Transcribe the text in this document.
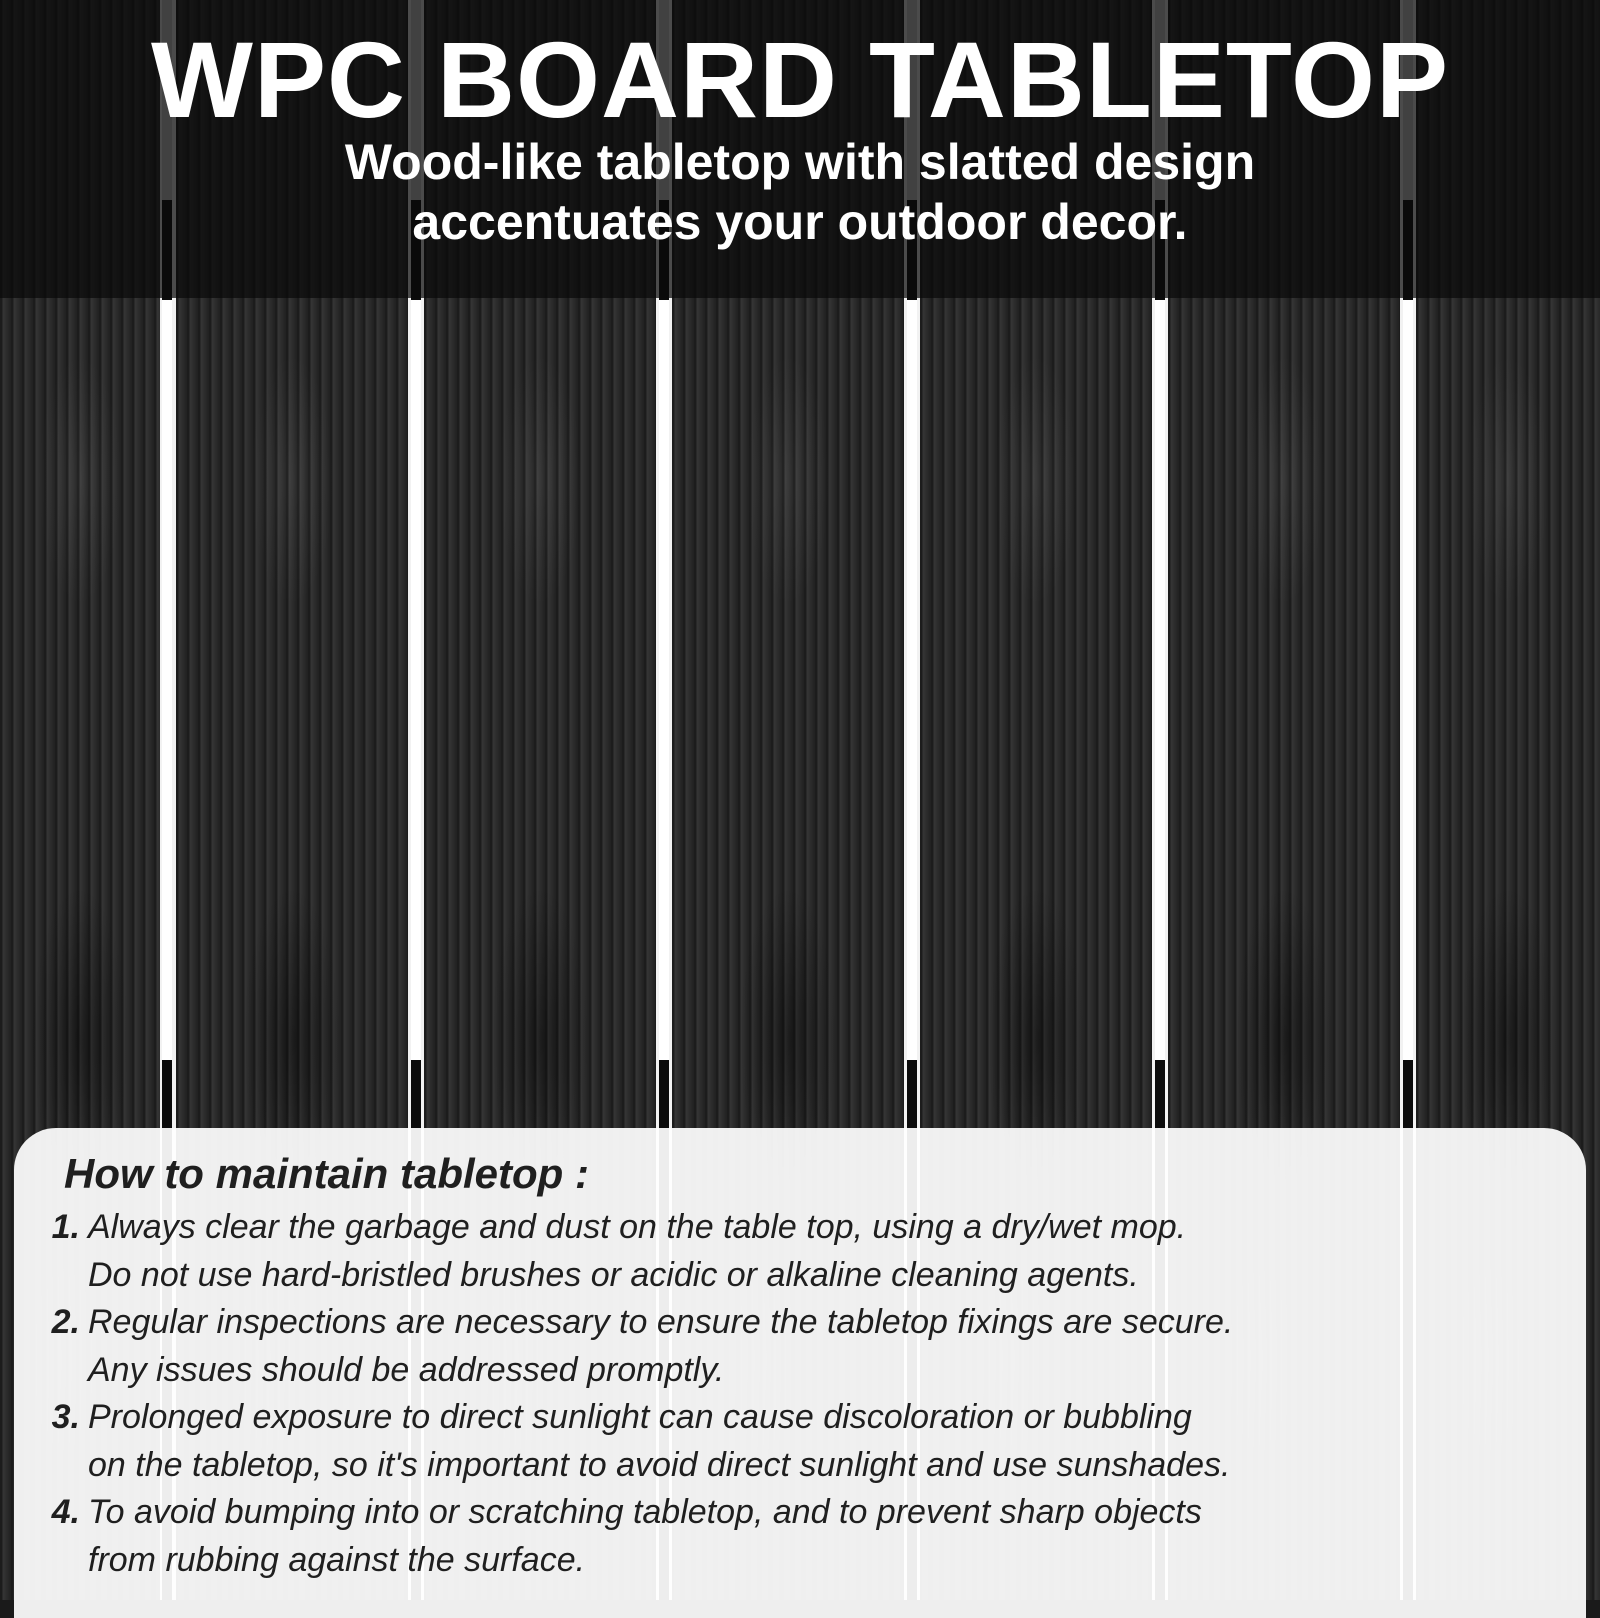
WPC BOARD TABLETOP
Wood-like tabletop with slatted design
accentuates your outdoor decor.
How to maintain tabletop :
1. Always clear the garbage and dust on the table top, using a dry/wet mop.
Do not use hard-bristled brushes or acidic or alkaline cleaning agents.
2. Regular inspections are necessary to ensure the tabletop fixings are secure.
Any issues should be addressed promptly.
3. Prolonged exposure to direct sunlight can cause discoloration or bubbling
on the tabletop, so it's important to avoid direct sunlight and use sunshades.
4. To avoid bumping into or scratching tabletop, and to prevent sharp objects
from rubbing against the surface.
